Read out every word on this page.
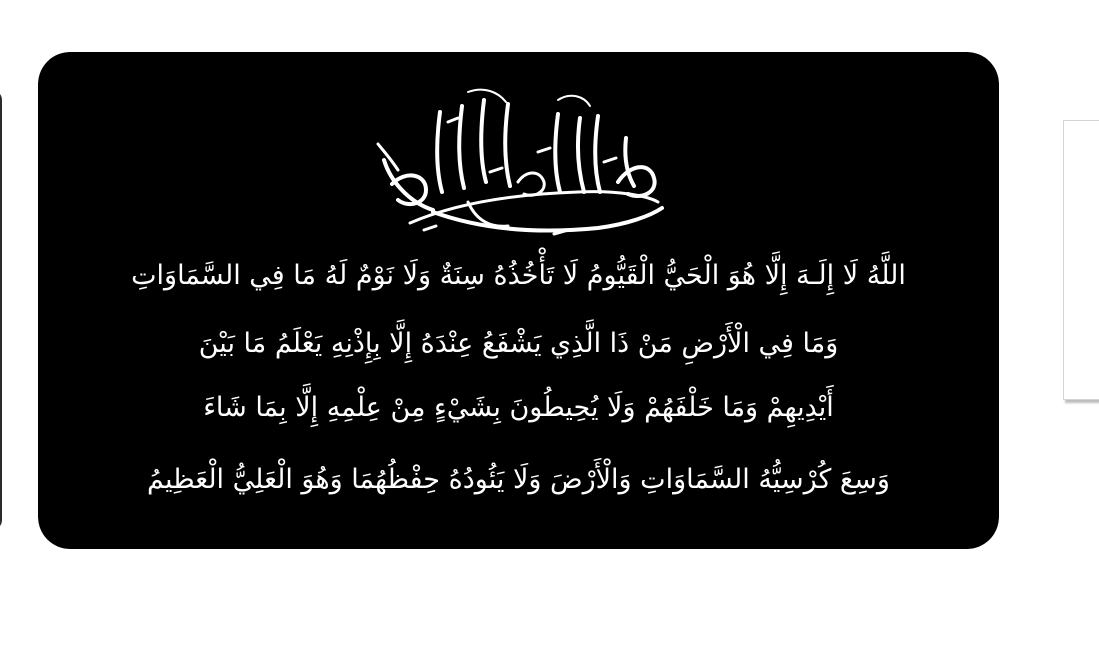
اللَّهُ لَا إِلَـهَ إِلَّا هُوَ الْحَيُّ الْقَيُّومُ لَا تَأْخُذُهُ سِنَةٌ وَلَا نَوْمٌ لَهُ مَا فِي السَّمَاوَاتِ

وَمَا فِي الْأَرْضِ مَنْ ذَا الَّذِي يَشْفَعُ عِنْدَهُ إِلَّا بِإِذْنِهِ يَعْلَمُ مَا بَيْنَ

أَيْدِيهِمْ وَمَا خَلْفَهُمْ وَلَا يُحِيطُونَ بِشَيْءٍ مِنْ عِلْمِهِ إِلَّا بِمَا شَاءَ

وَسِعَ كُرْسِيُّهُ السَّمَاوَاتِ وَالْأَرْضَ وَلَا يَئُودُهُ حِفْظُهُمَا وَهُوَ الْعَلِيُّ الْعَظِيمُ
